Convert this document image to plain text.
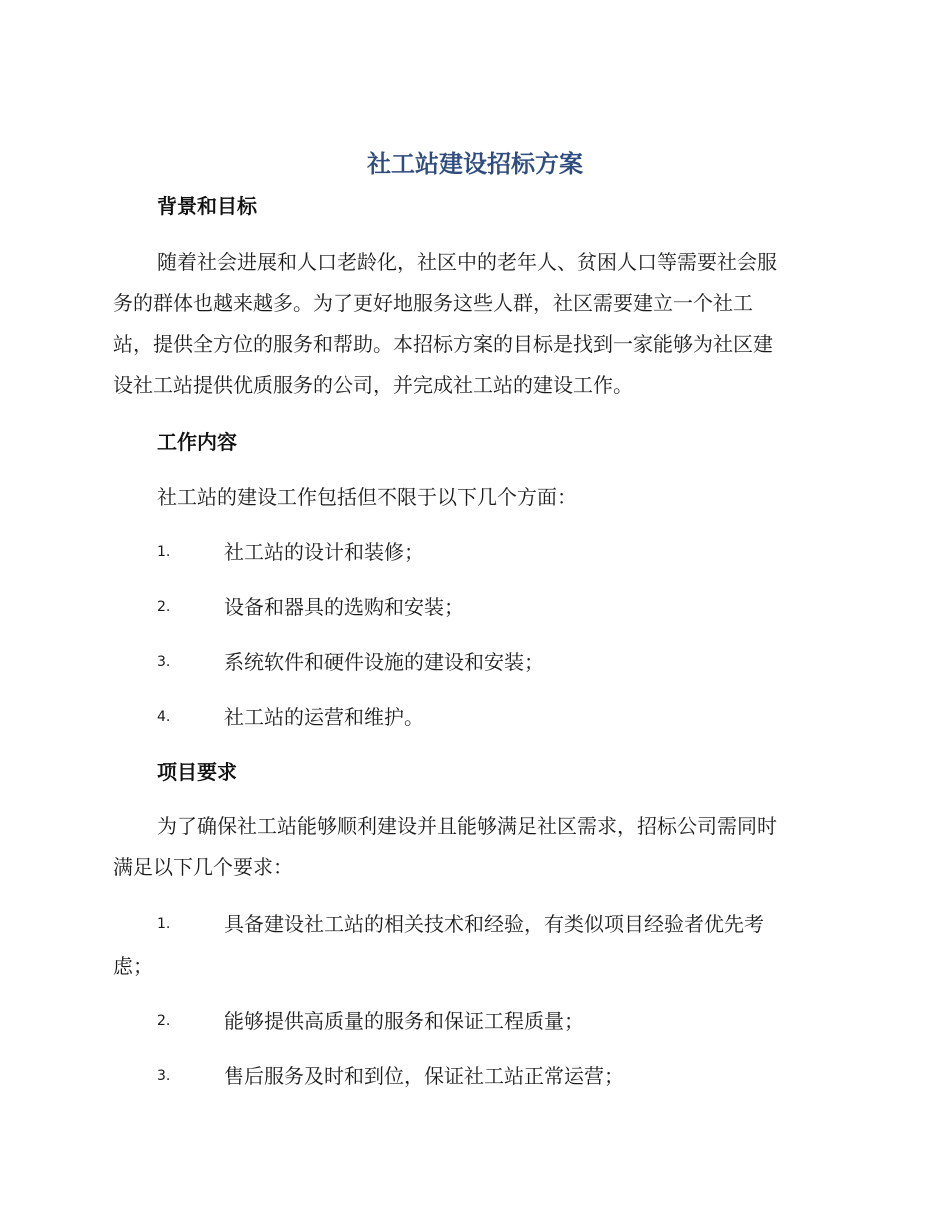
社工站建设招标方案
背景和目标
随着社会进展和人口老龄化，社区中的老年人、贫困人口等需要社会服
务的群体也越来越多。为了更好地服务这些人群，社区需要建立一个社工
站，提供全方位的服务和帮助。本招标方案的目标是找到一家能够为社区建
设社工站提供优质服务的公司，并完成社工站的建设工作。
工作内容
社工站的建设工作包括但不限于以下几个方面：
1.	社工站的设计和装修；
2.	设备和器具的选购和安装；
3.	系统软件和硬件设施的建设和安装；
4.	社工站的运营和维护。
项目要求
为了确保社工站能够顺利建设并且能够满足社区需求，招标公司需同时
满足以下几个要求：
1.	具备建设社工站的相关技术和经验，有类似项目经验者优先考
虑；
2.	能够提供高质量的服务和保证工程质量；
3.	售后服务及时和到位，保证社工站正常运营；
